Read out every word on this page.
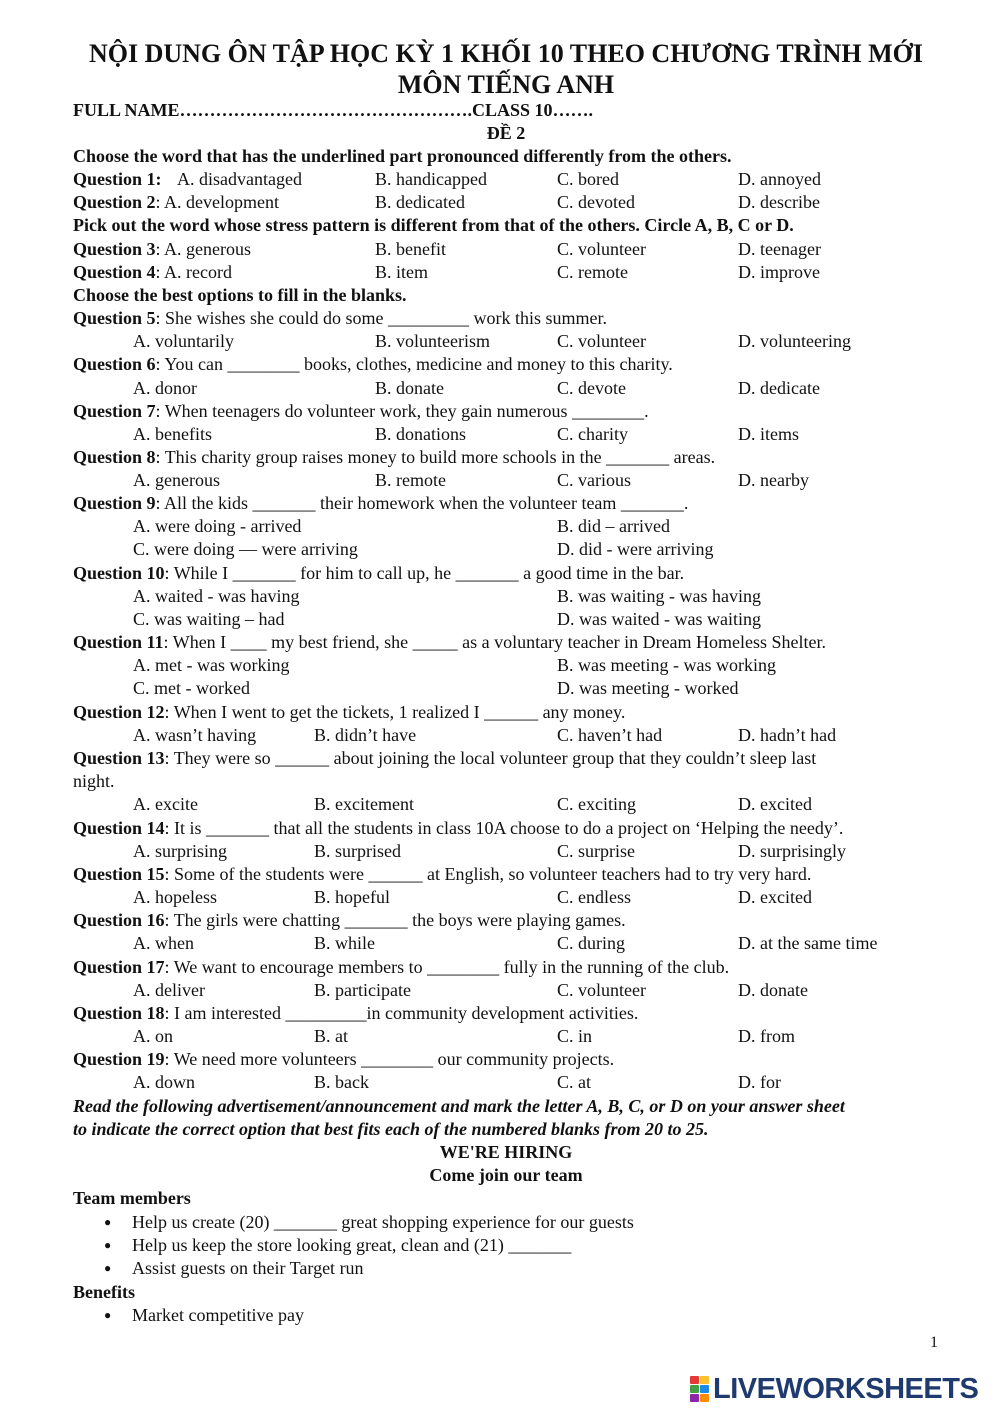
NỘI DUNG ÔN TẬP HỌC KỲ 1 KHỐI 10 THEO CHƯƠNG TRÌNH MỚI
MÔN TIẾNG ANH
FULL NAME………………………………………….CLASS 10…….
ĐỀ 2
Choose the word that has the underlined part pronounced differently from the others.
Question 1: A. disadvantaged	B. handicapped	C. bored	D. annoyed
Question 2: A. development	B. dedicated	C. devoted	D. describe
Pick out the word whose stress pattern is different from that of the others. Circle A, B, C or D.
Question 3: A. generous	B. benefit	C. volunteer	D. teenager
Question 4: A. record	B. item	C. remote	D. improve
Choose the best options to fill in the blanks.
Question 5: She wishes she could do some _________ work this summer.
A. voluntarily	B. volunteerism	C. volunteer	D. volunteering
Question 6: You can ________ books, clothes, medicine and money to this charity.
A. donor	B. donate	C. devote	D. dedicate
Question 7: When teenagers do volunteer work, they gain numerous ________.
A. benefits	B. donations	C. charity	D. items
Question 8: This charity group raises money to build more schools in the _______ areas.
A. generous	B. remote	C. various	D. nearby
Question 9: All the kids _______ their homework when the volunteer team _______.
A. were doing - arrived	B. did – arrived
C. were doing — were arriving	D. did - were arriving
Question 10: While I _______ for him to call up, he _______ a good time in the bar.
A. waited - was having	B. was waiting - was having
C. was waiting – had	D. was waited - was waiting
Question 11: When I ____ my best friend, she _____ as a voluntary teacher in Dream Homeless Shelter.
A. met - was working	B. was meeting - was working
C. met - worked	D. was meeting - worked
Question 12: When I went to get the tickets, 1 realized I ______ any money.
A. wasn’t having	B. didn’t have	C. haven’t had	D. hadn’t had
Question 13: They were so ______ about joining the local volunteer group that they couldn’t sleep last
night.
A. excite	B. excitement	C. exciting	D. excited
Question 14: It is _______ that all the students in class 10A choose to do a project on ‘Helping the needy’.
A. surprising	B. surprised	C. surprise	D. surprisingly
Question 15: Some of the students were ______ at English, so volunteer teachers had to try very hard.
A. hopeless	B. hopeful	C. endless	D. excited
Question 16: The girls were chatting _______ the boys were playing games.
A. when	B. while	C. during	D. at the same time
Question 17: We want to encourage members to ________ fully in the running of the club.
A. deliver	B. participate	C. volunteer	D. donate
Question 18: I am interested _________in community development activities.
A. on	B. at	C. in	D. from
Question 19: We need more volunteers ________ our community projects.
A. down	B. back	C. at	D. for
Read the following advertisement/announcement and mark the letter A, B, C, or D on your answer sheet
to indicate the correct option that best fits each of the numbered blanks from 20 to 25.
WE'RE HIRING
Come join our team
Team members
● Help us create (20) _______ great shopping experience for our guests
● Help us keep the store looking great, clean and (21) _______
● Assist guests on their Target run
Benefits
● Market competitive pay
1
LIVEWORKSHEETS
